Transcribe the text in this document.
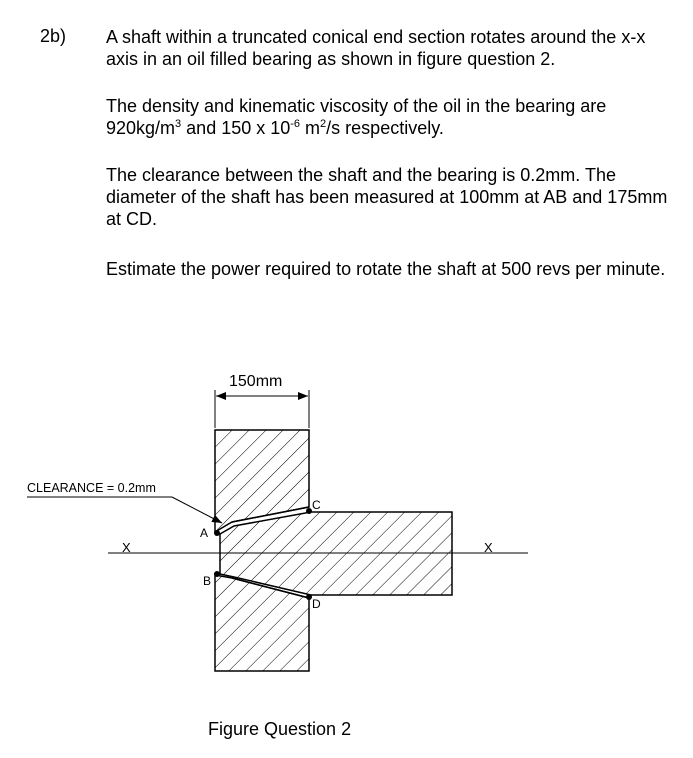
2b) A shaft within a truncated conical end section rotates around the x-x axis in an oil filled bearing as shown in figure question 2.
The density and kinematic viscosity of the oil in the bearing are $920kg/m^3$ and 150 x $10^{-6}$ $m^2/s$ respectively.
The clearance between the shaft and the bearing is 0.2mm. The diameter of the shaft has been measured at 100mm at AB and 175mm at CD.
Estimate the power required to rotate the shaft at 500 revs per minute.
150mm
X	X
CLEARANCE = 0.2mm
A
B
C
D
Figure Question 2
